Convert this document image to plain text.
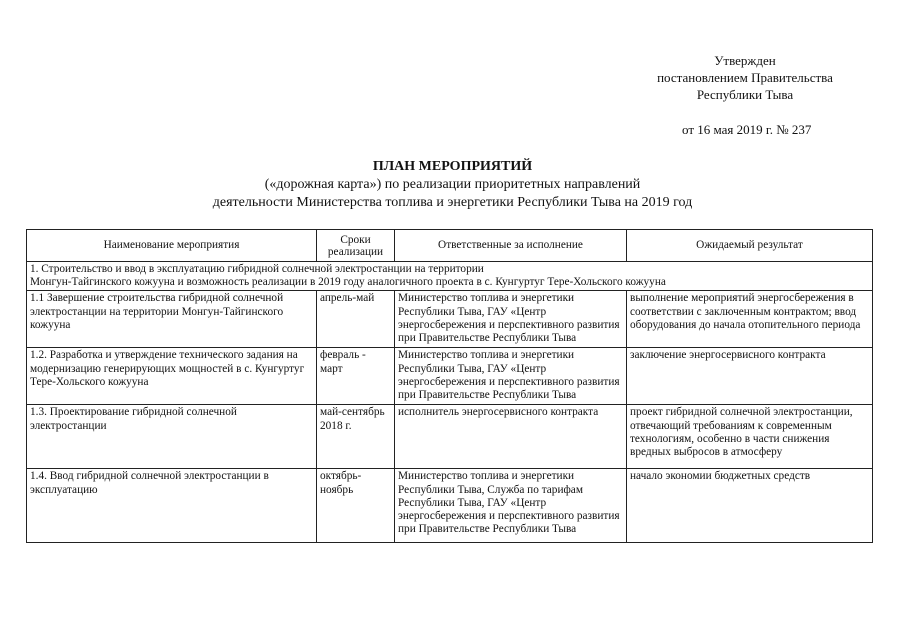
Утвержден
постановлением Правительства
Республики Тыва
от 16 мая 2019 г. № 237
ПЛАН МЕРОПРИЯТИЙ
(«дорожная карта») по реализации приоритетных направлений
деятельности Министерства топлива и энергетики Республики Тыва на 2019 год
Наименование мероприятия	Сроки реализации	Ответственные за исполнение	Ожидаемый результат

1. Строительство и ввод в эксплуатацию гибридной солнечной электростанции на территории
Монгун-Тайгинского кожууна и возможность реализации в 2019 году аналогичного проекта в с. Кунгуртуг Тере-Хольского кожууна			

1.1 Завершение строительства гибридной солнечной электростанции на территории Монгун-Тайгинского кожууна	апрель-май	Министерство топлива и энергетики Республики Тыва, ГАУ «Центр энергосбережения и перспективного развития при Правительстве Республики Тыва	выполнение мероприятий энергосбережения в соответствии с заключенным контрактом; ввод оборудования до начала отопительного периода
1.2. Разработка и утверждение технического задания на модернизацию генерирующих мощностей в с. Кунгуртуг Тере-Хольского кожууна	февраль - март	Министерство топлива и энергетики Республики Тыва, ГАУ «Центр энергосбережения и перспективного развития при Правительстве Республики Тыва	заключение энергосервисного контракта
1.3. Проектирование гибридной солнечной электростанции	май-сентябрь 2018 г.	исполнитель энергосервисного контракта	проект гибридной солнечной электростанции, отвечающий требованиям к современным технологиям, особенно в части снижения вредных выбросов в атмосферу
1.4. Ввод гибридной солнечной электростанции в эксплуатацию	октябрь-ноябрь	Министерство топлива и энергетики Республики Тыва, Служба по тарифам Республики Тыва, ГАУ «Центр энергосбережения и перспективного развития при Правительстве Республики Тыва	начало экономии бюджетных средств
